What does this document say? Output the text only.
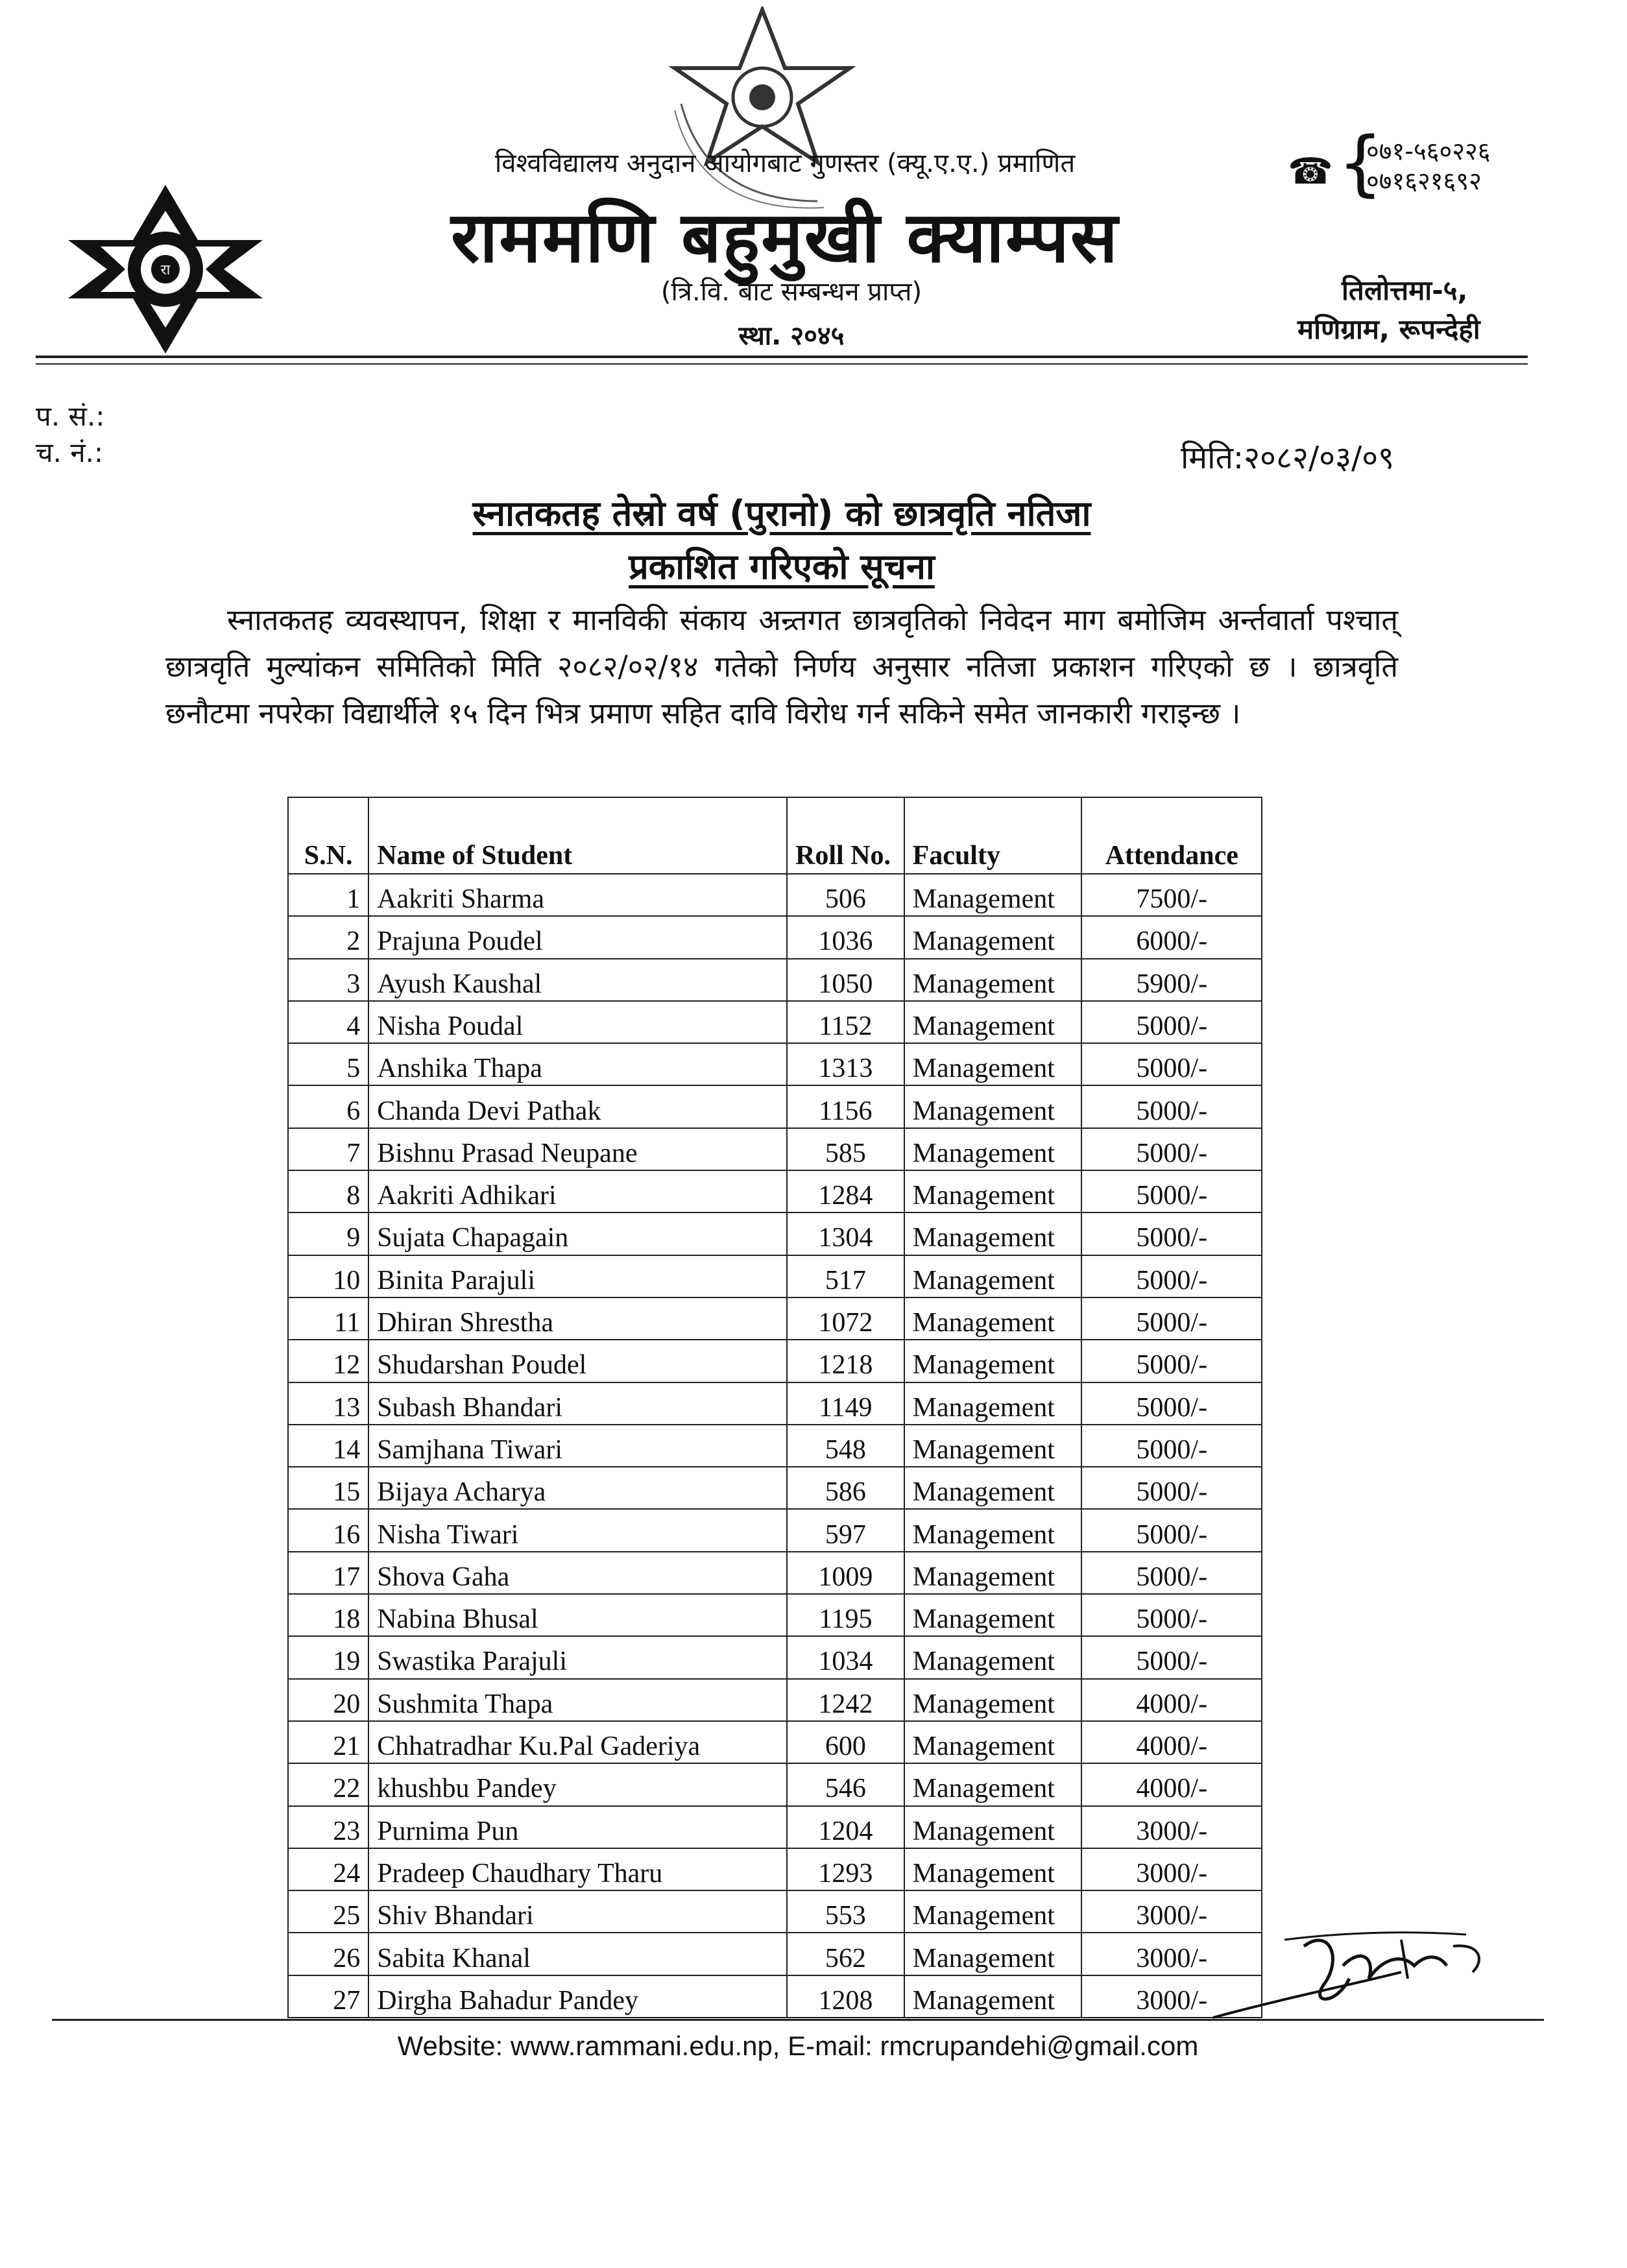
रा
विश्वविद्यालय अनुदान आयोगबाट गुणस्तर (क्यू.ए.ए.) प्रमाणित
राममणि बहुमुखी क्याम्पस
(त्रि.वि. बाट सम्बन्धन प्राप्त)
स्था. २०४५
☎ {
०७१-५६०२२६
०७१६२१६९२
तिलोत्तमा-५,
मणिग्राम, रूपन्देही
प. सं.:
च. नं.:	मिति:२०८२/०३/०९
स्नातकतह तेस्रो वर्ष (पुरानो) को छात्रवृति नतिजा
प्रकाशित गरिएको सूचना
स्नातकतह व्यवस्थापन, शिक्षा र मानविकी संकाय अन्र्तगत छात्रवृतिको निवेदन माग बमोजिम अर्न्तवार्ता पश्चात् छात्रवृति मुल्यांकन समितिको मिति २०८२/०२/१४ गतेको निर्णय अनुसार नतिजा प्रकाशन गरिएको छ । छात्रवृति छनौटमा नपरेका विद्यार्थीले १५ दिन भित्र प्रमाण सहित दावि विरोध गर्न सकिने समेत जानकारी गराइन्छ ।
S.N.	Name of Student	Roll No.	Faculty	Attendance
1	Aakriti Sharma	506	Management	7500/-
2	Prajuna Poudel	1036	Management	6000/-
3	Ayush Kaushal	1050	Management	5900/-
4	Nisha Poudal	1152	Management	5000/-
5	Anshika Thapa	1313	Management	5000/-
6	Chanda Devi Pathak	1156	Management	5000/-
7	Bishnu Prasad Neupane	585	Management	5000/-
8	Aakriti Adhikari	1284	Management	5000/-
9	Sujata Chapagain	1304	Management	5000/-
10	Binita Parajuli	517	Management	5000/-
11	Dhiran Shrestha	1072	Management	5000/-
12	Shudarshan Poudel	1218	Management	5000/-
13	Subash Bhandari	1149	Management	5000/-
14	Samjhana Tiwari	548	Management	5000/-
15	Bijaya Acharya	586	Management	5000/-
16	Nisha Tiwari	597	Management	5000/-
17	Shova Gaha	1009	Management	5000/-
18	Nabina Bhusal	1195	Management	5000/-
19	Swastika Parajuli	1034	Management	5000/-
20	Sushmita Thapa	1242	Management	4000/-
21	Chhatradhar Ku.Pal Gaderiya	600	Management	4000/-
22	khushbu Pandey	546	Management	4000/-
23	Purnima Pun	1204	Management	3000/-
24	Pradeep Chaudhary Tharu	1293	Management	3000/-
25	Shiv Bhandari	553	Management	3000/-
26	Sabita Khanal	562	Management	3000/-
27	Dirgha Bahadur Pandey	1208	Management	3000/-
Website: www.rammani.edu.np, E-mail: rmcrupandehi@gmail.com
